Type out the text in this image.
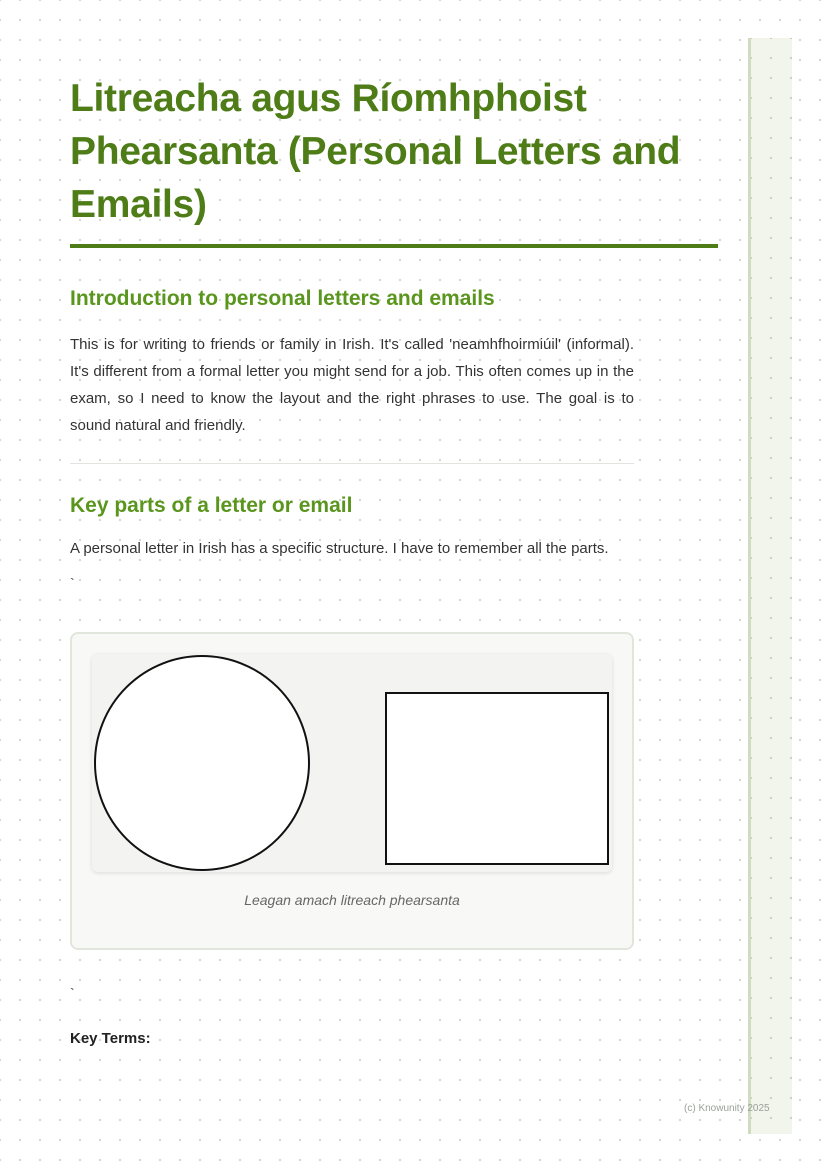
Litreacha agus Ríomhphoist Phearsanta (Personal Letters and Emails)
Introduction to personal letters and emails

This is for writing to friends or family in Irish. It's called 'neamhfhoirmiúil' (informal). It's different from a formal letter you might send for a job. This often comes up in the exam, so I need to know the layout and the right phrases to use. The goal is to sound natural and friendly.

Key parts of a letter or email

A personal letter in Irish has a specific structure. I have to remember all the parts.

`
Leagan amach litreach phearsanta
`
Key Terms:
(c) Knowunity 2025
